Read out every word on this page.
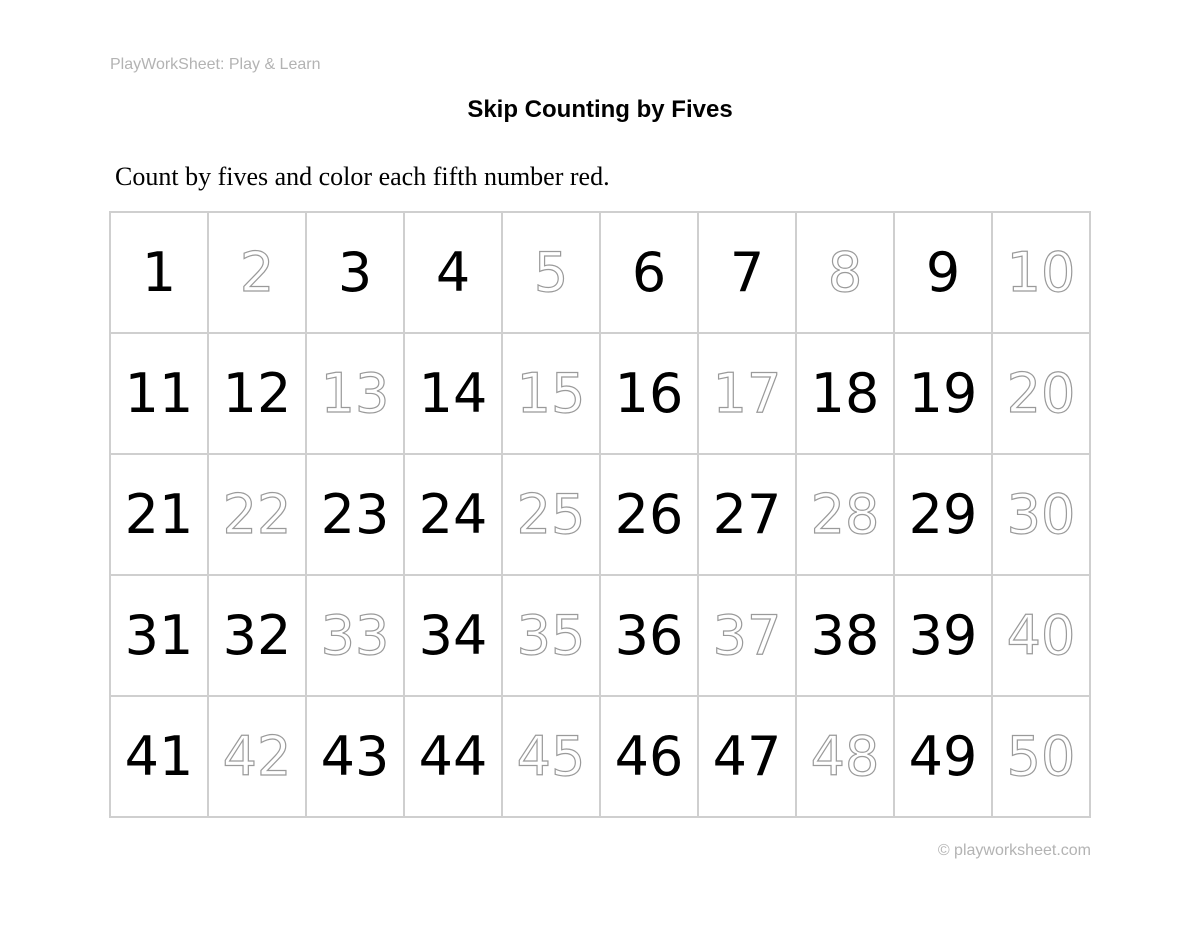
PlayWorkSheet: Play & Learn
Skip Counting by Fives
Count by fives and color each fifth number red.
1	2	3	4	5	6	7	8	9 10
11 12 13 14 15 16 17 18 19 20
21 22 23 24 25 26 27 28 29 30
31 32 33 34 35 36 37 38 39 40
41 42 43 44 45 46 47 48 49 50
© playworksheet.com
